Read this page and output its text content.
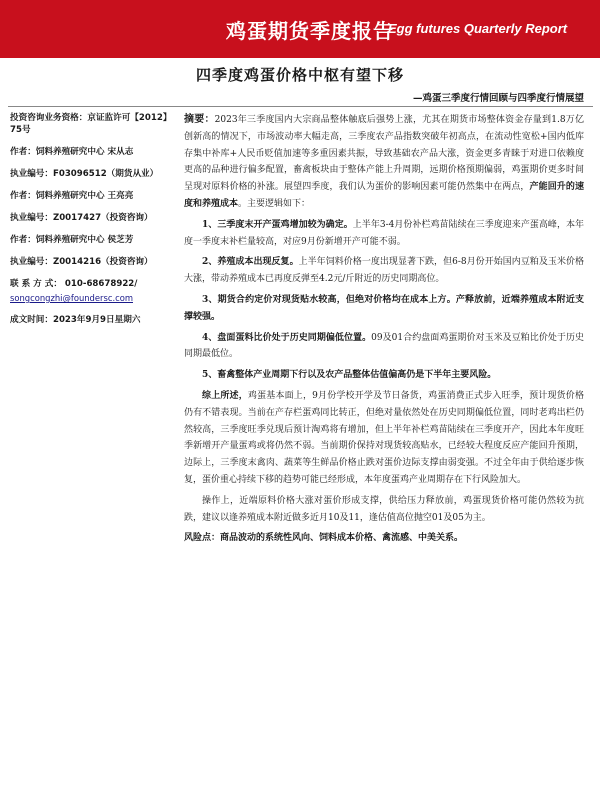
鸡蛋期货季度报告
Egg futures Quarterly Report
四季度鸡蛋价格中枢有望下移
—鸡蛋三季度行情回顾与四季度行情展望
投资咨询业务资格：京证监许可【2012】75号
作者：饲料养殖研究中心 宋从志
执业编号：F03096512（期货从业）
作者：饲料养殖研究中心 王亮亮
执业编号：Z0017427（投资咨询）
作者：饲料养殖研究中心 侯芝芳
执业编号：Z0014216（投资咨询）
联 系 方 式： 010-68678922/
songcongzhi@foundersc.com
成文时间：2023年9月9日星期六

摘要：2023年三季度国内大宗商品整体触底后强势上涨，尤其在期货市场整体资金存量到1.8万亿创新高的情况下，市场波动率大幅走高，三季度农产品指数突破年初高点，在流动性宽松+国内低库存集中补库+人民币贬值加速等多重因素共振，导致基础农产品大涨，资金更多青睐于对进口依赖度更高的品种进行偏多配置，畜禽板块由于整体产能上升周期，远期价格预期偏弱，鸡蛋期价更多时间呈现对原料价格的补涨。展望四季度，我们认为蛋价的影响因素可能仍然集中在两点，产能回升的速度和养殖成本。主要逻辑如下：

1、三季度末开产蛋鸡增加较为确定。上半年3-4月份补栏鸡苗陆续在三季度迎来产蛋高峰，本年度一季度末补栏量较高，对应9月份新增开产可能不弱。

2、养殖成本出现反复。上半年饲料价格一度出现显著下跌，但6-8月份开始国内豆粕及玉米价格大涨，带动养殖成本已再度反弹至4.2元/斤附近的历史同期高位。

3、期货合约定价对现货贴水较高，但绝对价格均在成本上方。产释放前，近端养殖成本附近支撑较强。

4、盘面蛋料比价处于历史同期偏低位置。09及01合约盘面鸡蛋期价对玉米及豆粕比价处于历史同期最低位。

5、畜禽整体产业周期下行以及农产品整体估值偏高仍是下半年主要风险。

综上所述，鸡蛋基本面上，9月份学校开学及节日备货，鸡蛋消费正式步入旺季，预计现货价格仍有不错表现。当前在产存栏蛋鸡同比转正，但绝对量依然处在历史同期偏低位置，同时老鸡出栏仍然较高，三季度旺季兑现后预计淘鸡将有增加，但上半年补栏鸡苗陆续在三季度开产，因此本年度旺季新增开产量蛋鸡或将仍然不弱。当前期价保持对现货较高贴水，已经较大程度反应产能回升预期，边际上，三季度末禽肉、蔬菜等生鲜品价格止跌对蛋价边际支撑由弱变强。不过全年由于供给逐步恢复，蛋价重心持续下移的趋势可能已经形成，本年度蛋鸡产业周期存在下行风险加大。

操作上，近端原料价格大涨对蛋价形成支撑，供给压力释放前，鸡蛋现货价格可能仍然较为抗跌，建议以逢养殖成本附近做多近月10及11，逢估值高位抛空01及05为主。

风险点：商品波动的系统性风向、饲料成本价格、禽流感、中美关系。
